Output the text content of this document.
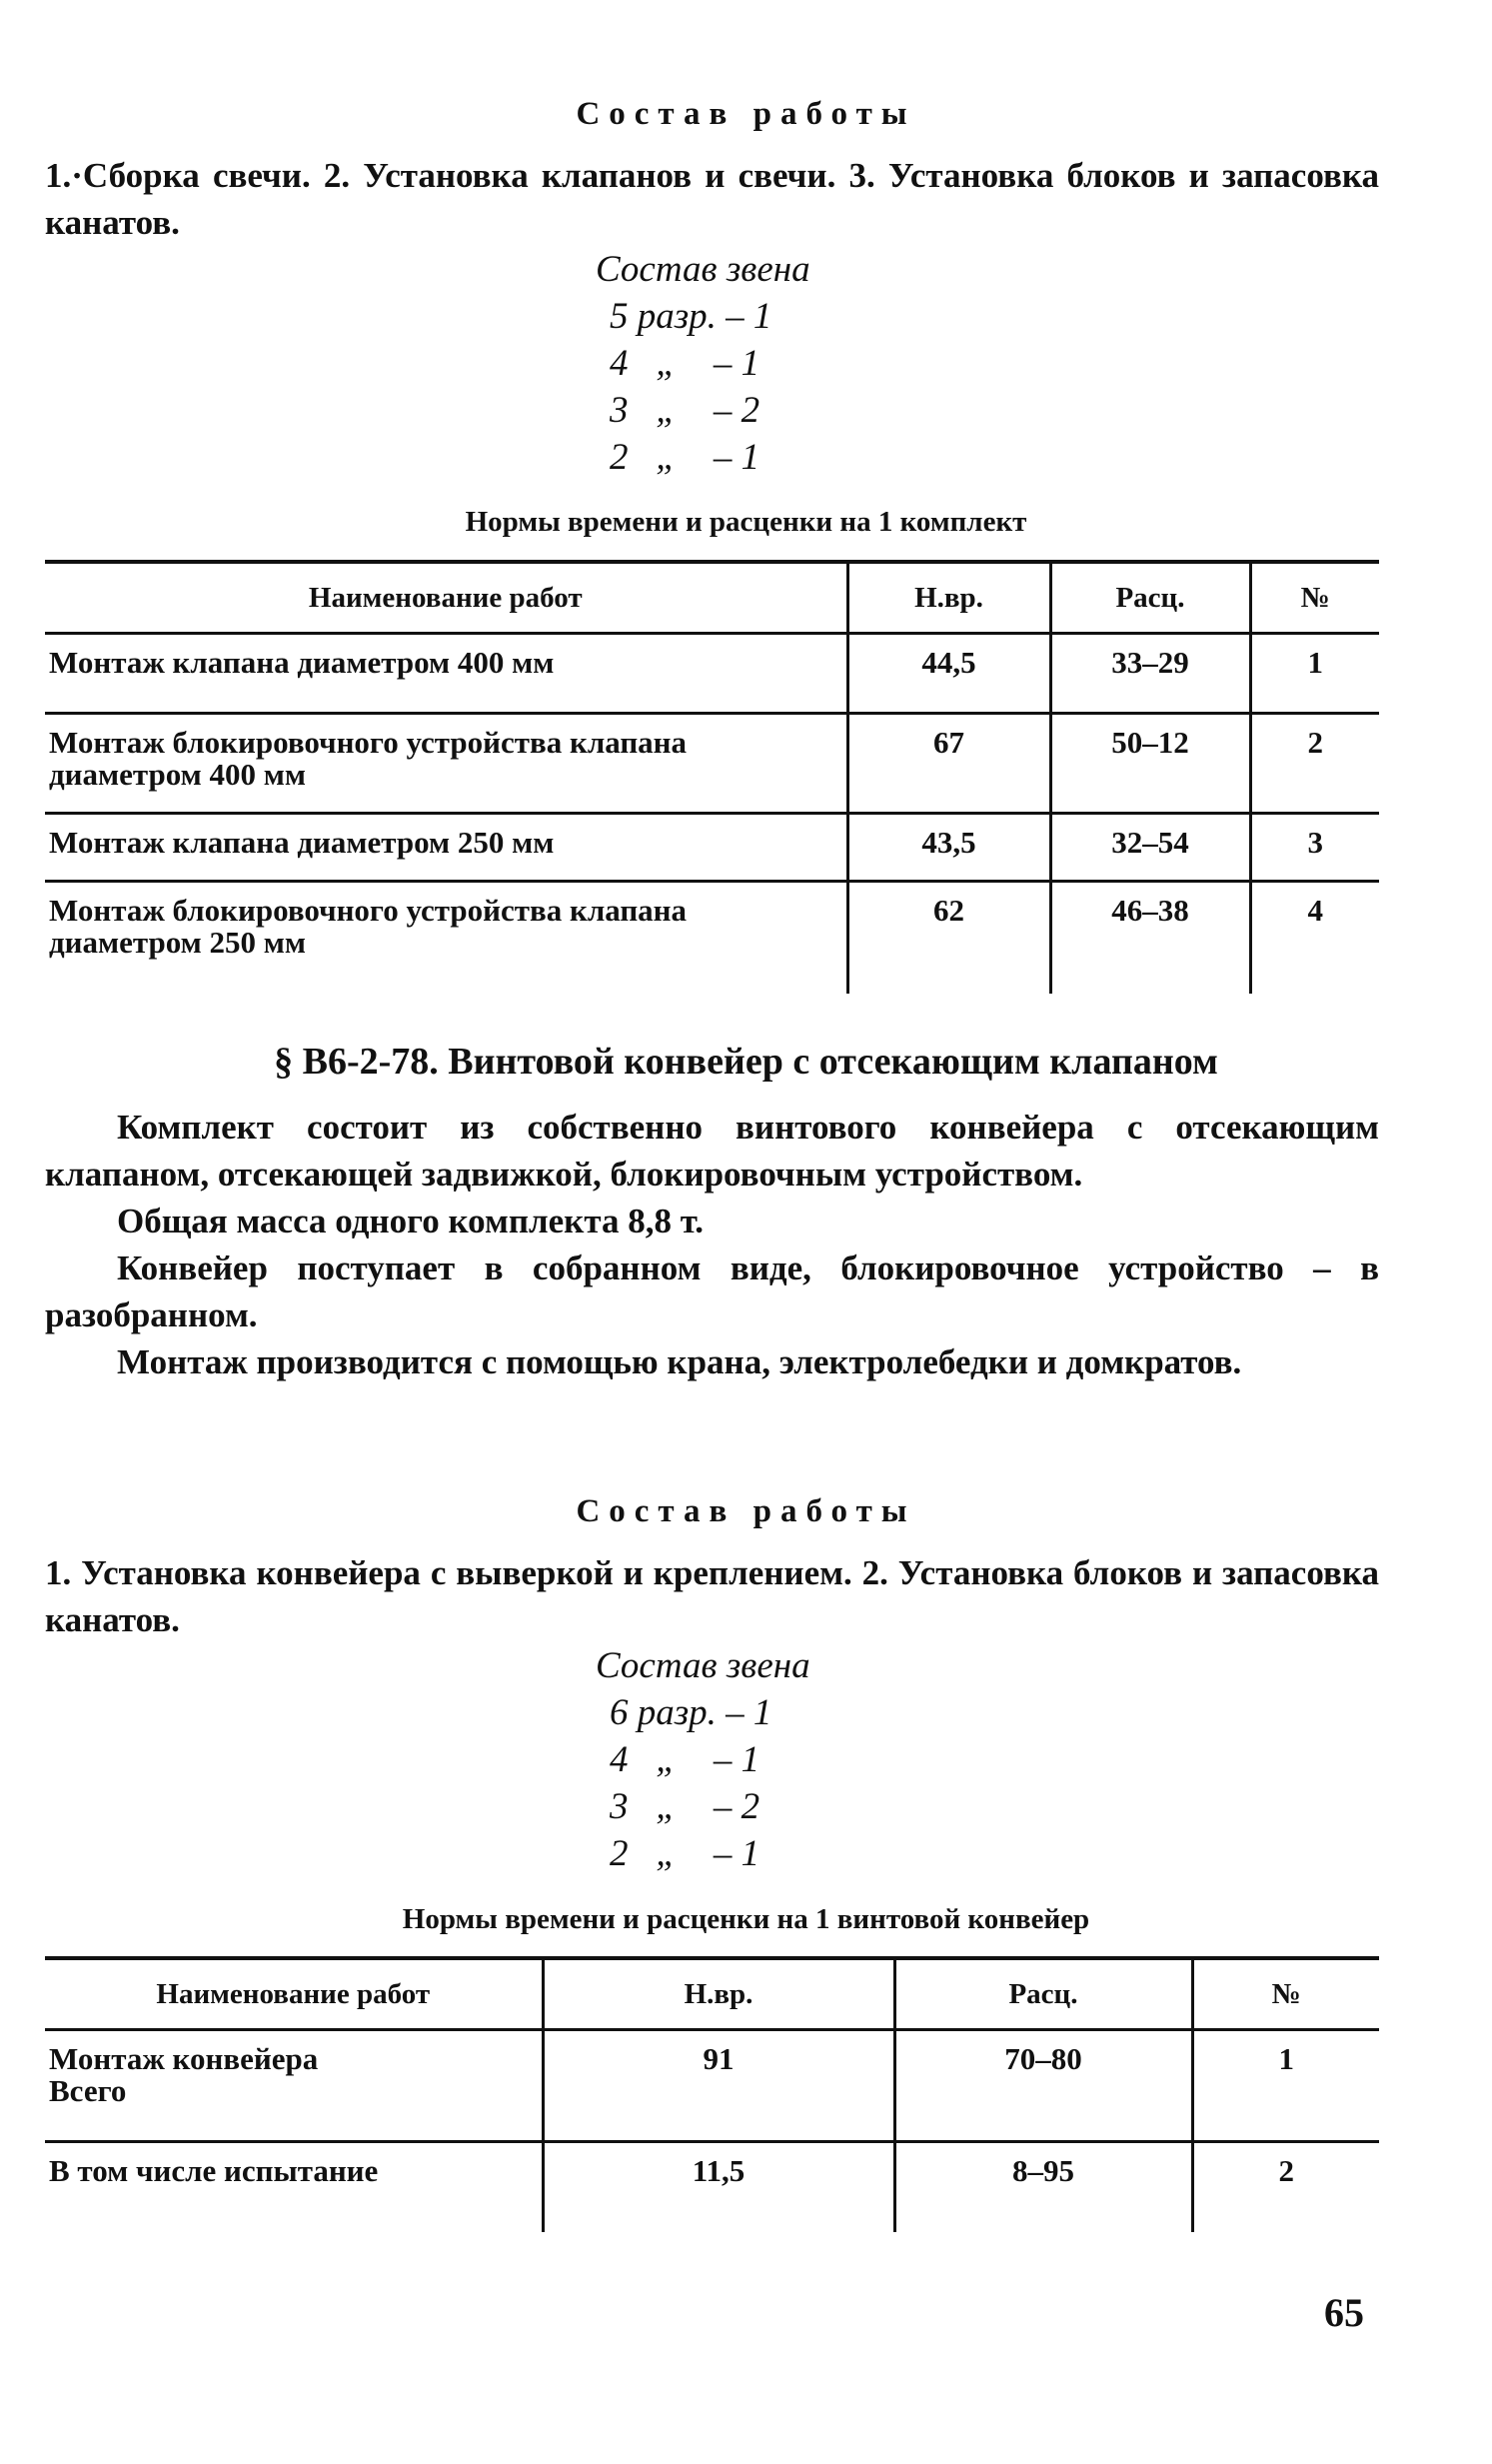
Состав работы
1.·Сборка свечи. 2. Установка клапанов и свечи. 3. Установка блоков и запасовка канатов.
Состав звена
5 разр. – 1
4   „    – 1
3   „    – 2
2   „    – 1
Нормы времени и расценки на 1 комплект
Наименование работ	Н.вр.	Расц.	№
Монтаж клапана диаметром 400 мм	44,5	33–29	1
Монтаж блокировочного устройства клапана диаметром 400 мм	67	50–12	2
Монтаж клапана диаметром 250 мм	43,5	32–54	3
Монтаж блокировочного устройства клапана диаметром 250 мм	62	46–38	4
§ В6-2-78. Винтовой конвейер с отсекающим клапаном
Комплект состоит из собственно винтового конвейера с отсекающим клапаном, отсекающей задвижкой, блокировочным устройством.
Общая масса одного комплекта 8,8 т.
Конвейер поступает в собранном виде, блокировочное устройство – в разобранном.
Монтаж производится с помощью крана, электролебедки и домкратов.
Состав работы
1. Установка конвейера с выверкой и креплением. 2. Установка блоков и запасовка канатов.
Состав звена
6 разр. – 1
4   „    – 1
3   „    – 2
2   „    – 1
Нормы времени и расценки на 1 винтовой конвейер
Наименование работ	Н.вр.	Расц.	№

Монтаж конвейера
Всего	91	70–80	1
В том числе испытание	11,5	8–95	2
65
